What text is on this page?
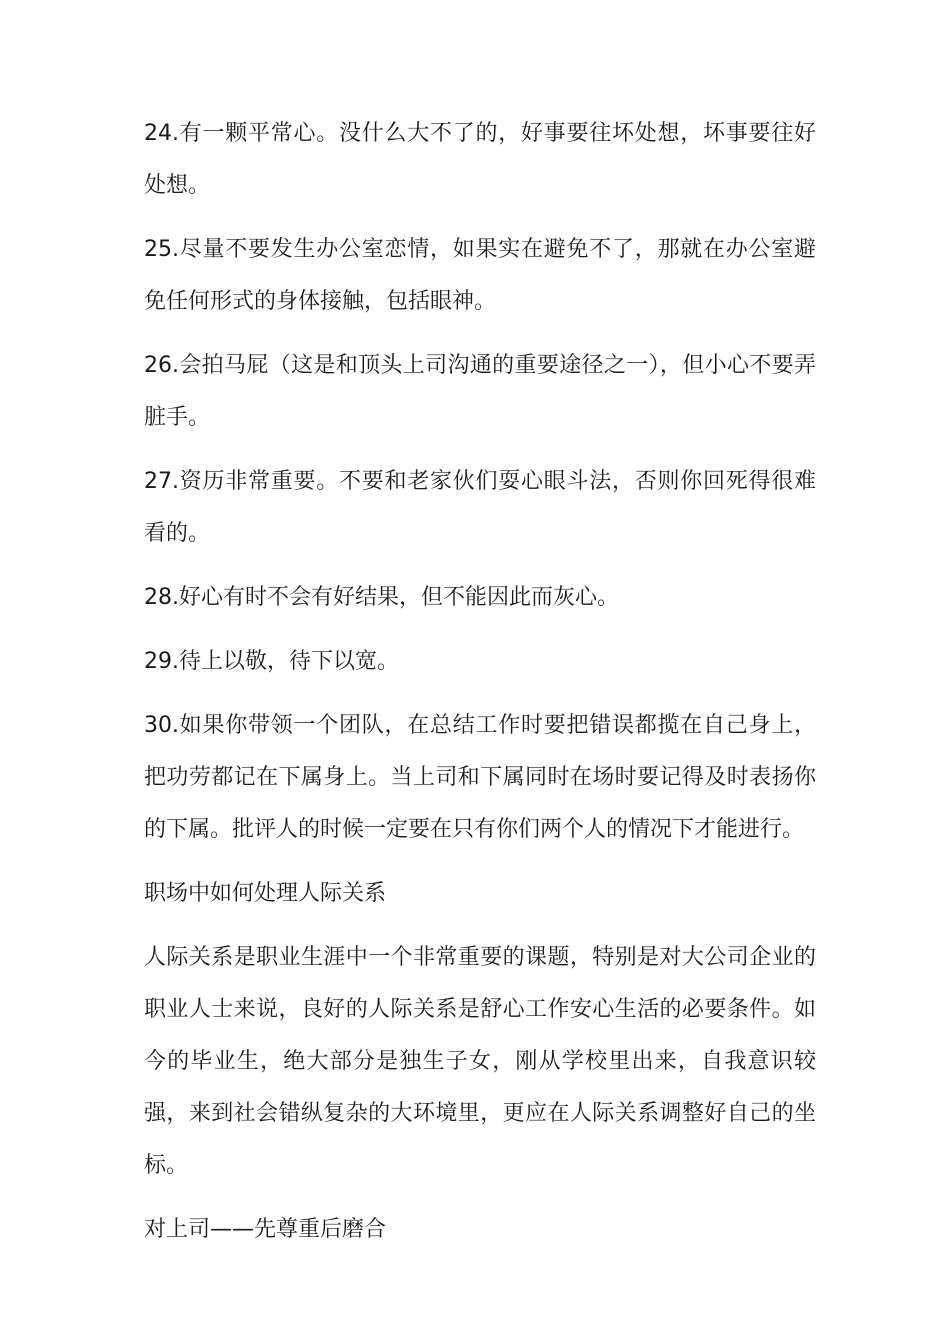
24.有一颗平常心。没什么大不了的，好事要往坏处想，坏事要往好处想。

25.尽量不要发生办公室恋情，如果实在避免不了，那就在办公室避免任何形式的身体接触，包括眼神。

26.会拍马屁（这是和顶头上司沟通的重要途径之一），但小心不要弄脏手。

27.资历非常重要。不要和老家伙们耍心眼斗法，否则你回死得很难看的。

28.好心有时不会有好结果，但不能因此而灰心。

29.待上以敬，待下以宽。

30.如果你带领一个团队，在总结工作时要把错误都揽在自己身上，把功劳都记在下属身上。当上司和下属同时在场时要记得及时表扬你的下属。批评人的时候一定要在只有你们两个人的情况下才能进行。

职场中如何处理人际关系

人际关系是职业生涯中一个非常重要的课题，特别是对大公司企业的职业人士来说，良好的人际关系是舒心工作安心生活的必要条件。如今的毕业生，绝大部分是独生子女，刚从学校里出来，自我意识较强，来到社会错纵复杂的大环境里，更应在人际关系调整好自己的坐标。

对上司——先尊重后磨合
